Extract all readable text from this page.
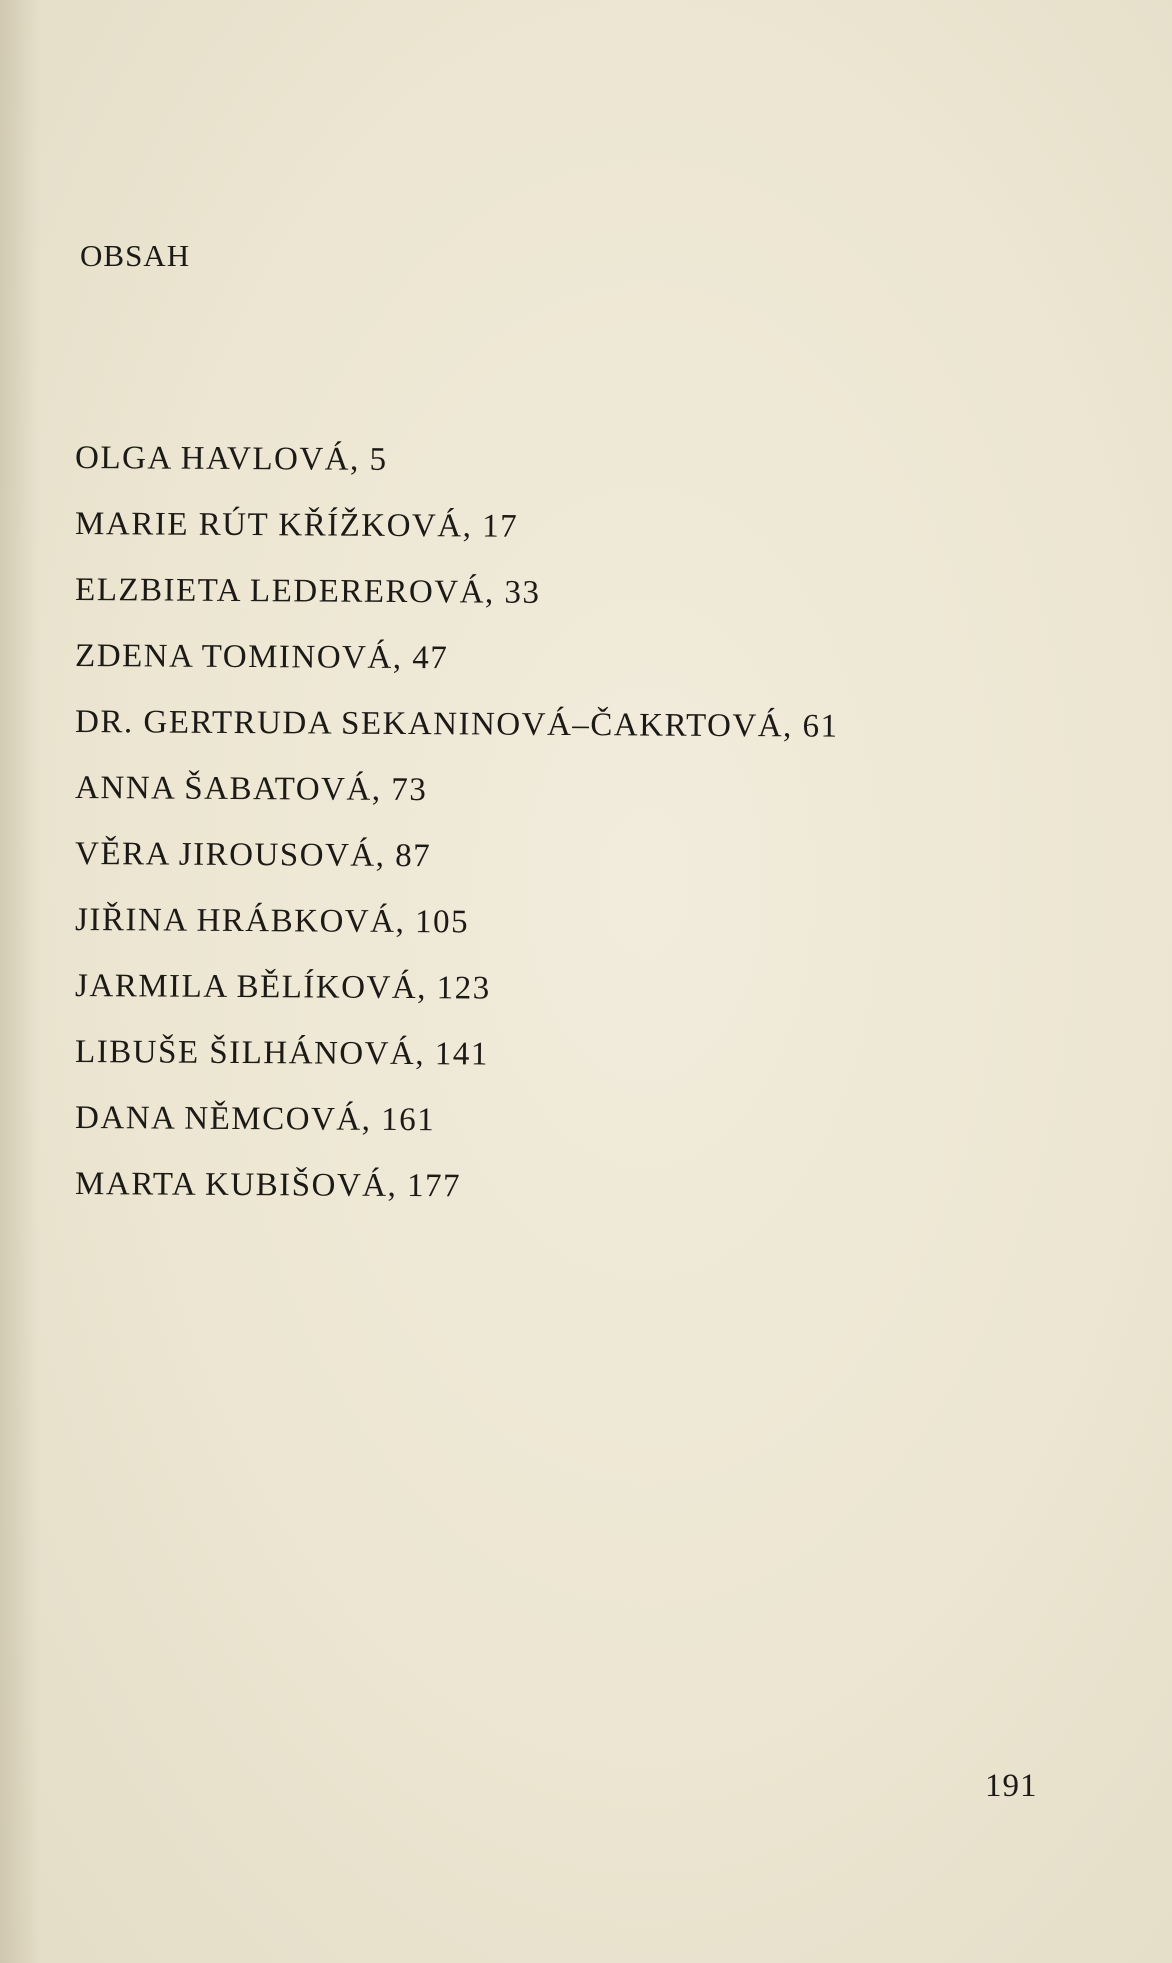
OBSAH
OLGA HAVLOVÁ, 5
MARIE RÚT KŘÍŽKOVÁ, 17
ELZBIETA LEDEREROVÁ, 33
ZDENA TOMINOVÁ, 47
DR. GERTRUDA SEKANINOVÁ–ČAKRTOVÁ, 61
ANNA ŠABATOVÁ, 73
VĚRA JIROUSOVÁ, 87
JIŘINA HRÁBKOVÁ, 105
JARMILA BĚLÍKOVÁ, 123
LIBUŠE ŠILHÁNOVÁ, 141
DANA NĚMCOVÁ, 161
MARTA KUBIŠOVÁ, 177
191
